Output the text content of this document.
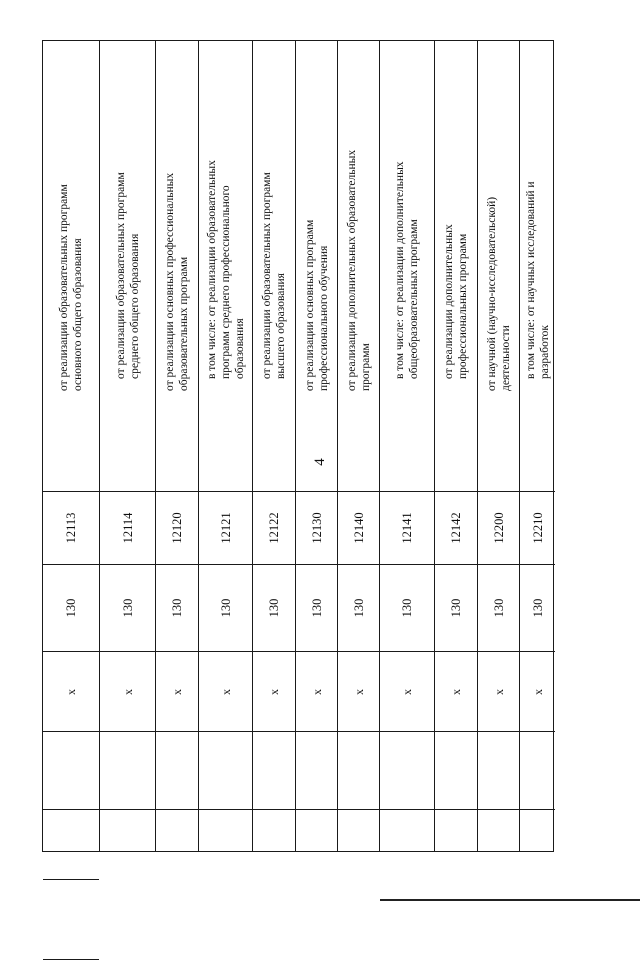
4
от реализации образовательных программ основного общего образования
12113
130
x
от реализации образовательных программ среднего общего образования
12114
130
x
от реализации основных профессиональных образовательных программ
12120
130
x
в том числе: от реализации образовательных программ среднего профессионального образования
12121
130
x
от реализации образовательных программ высшего образования
12122
130
x
от реализации основных программ профессионального обучения
12130
130
x
от реализации дополнительных образовательных программ
12140
130
x
в том числе: от реализации дополнительных общеобразовательных программ
12141
130
x
от реализации дополнительных профессиональных программ
12142
130
x
от научной (научно-исследовательской) деятельности
12200
130
x
в том числе: от научных исследований и разработок
12210
130
x
